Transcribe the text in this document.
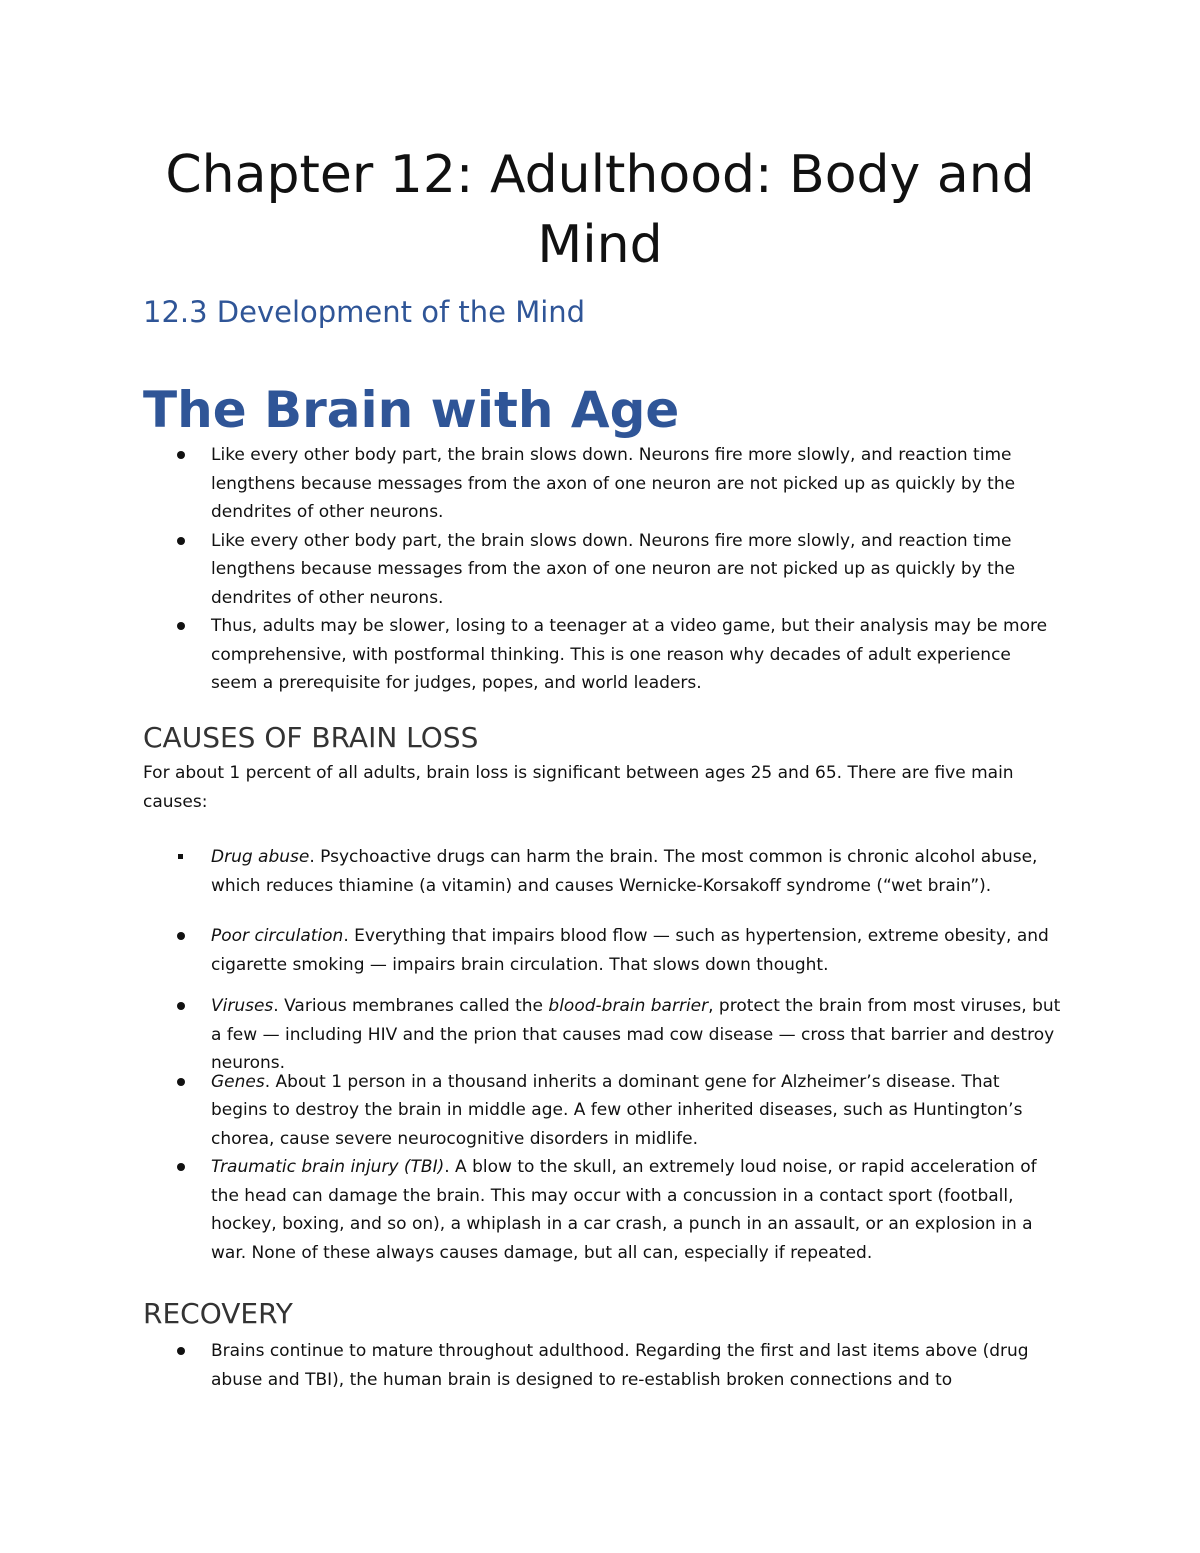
Chapter 12: Adulthood: Body and Mind
12.3 Development of the Mind
The Brain with Age
Like every other body part, the brain slows down. Neurons fire more slowly, and reaction time lengthens because messages from the axon of one neuron are not picked up as quickly by the dendrites of other neurons.
Like every other body part, the brain slows down. Neurons fire more slowly, and reaction time lengthens because messages from the axon of one neuron are not picked up as quickly by the dendrites of other neurons.
Thus, adults may be slower, losing to a teenager at a video game, but their analysis may be more comprehensive, with postformal thinking. This is one reason why decades of adult experience seem a prerequisite for judges, popes, and world leaders.
CAUSES OF BRAIN LOSS
For about 1 percent of all adults, brain loss is significant between ages 25 and 65. There are five main causes:
Drug abuse. Psychoactive drugs can harm the brain. The most common is chronic alcohol abuse, which reduces thiamine (a vitamin) and causes Wernicke-Korsakoff syndrome (“wet brain”).
Poor circulation. Everything that impairs blood flow — such as hypertension, extreme obesity, and cigarette smoking — impairs brain circulation. That slows down thought.
Viruses. Various membranes called the blood-brain barrier, protect the brain from most viruses, but a few — including HIV and the prion that causes mad cow disease — cross that barrier and destroy neurons.
Genes. About 1 person in a thousand inherits a dominant gene for Alzheimer’s disease. That begins to destroy the brain in middle age. A few other inherited diseases, such as Huntington’s chorea, cause severe neurocognitive disorders in midlife.
Traumatic brain injury (TBI). A blow to the skull, an extremely loud noise, or rapid acceleration of the head can damage the brain. This may occur with a concussion in a contact sport (football, hockey, boxing, and so on), a whiplash in a car crash, a punch in an assault, or an explosion in a war. None of these always causes damage, but all can, especially if repeated.
RECOVERY
Brains continue to mature throughout adulthood. Regarding the first and last items above (drug abuse and TBI), the human brain is designed to re-establish broken connections and to
